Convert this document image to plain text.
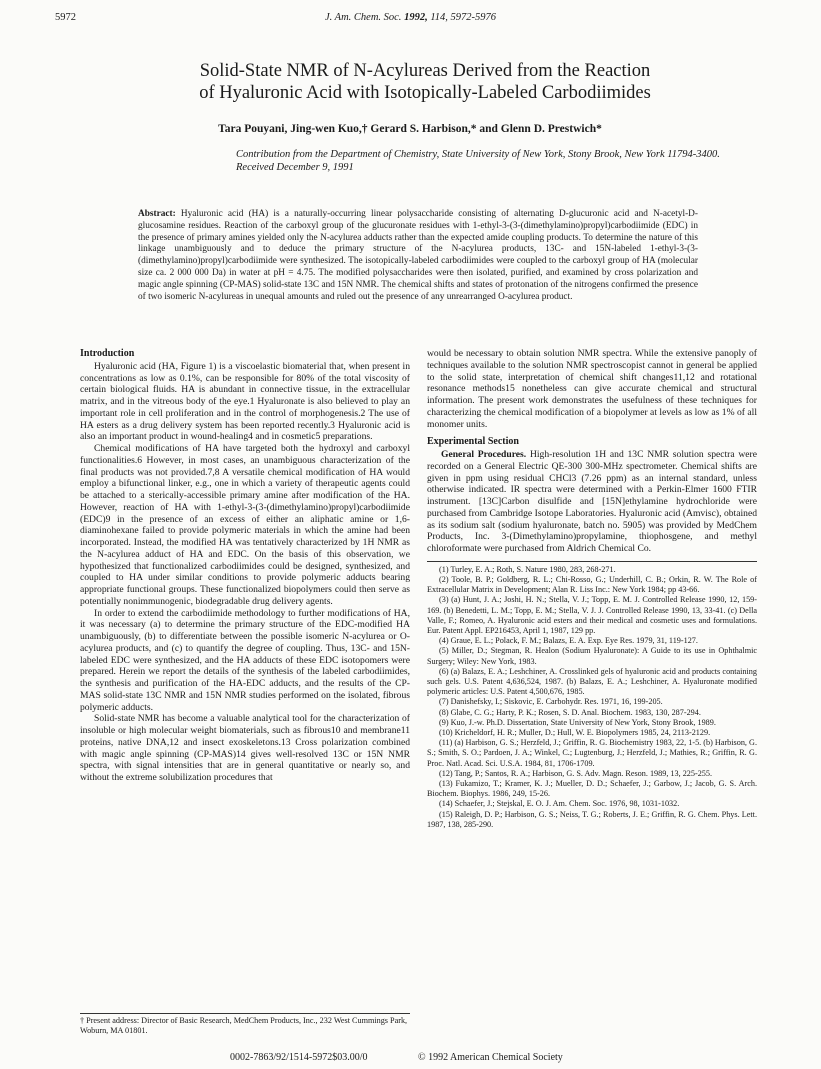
5972	J. Am. Chem. Soc. 1992, 114, 5972-5976
Solid-State NMR of N-Acylureas Derived from the Reaction of Hyaluronic Acid with Isotopically-Labeled Carbodiimides
Tara Pouyani, Jing-wen Kuo,† Gerard S. Harbison,* and Glenn D. Prestwich*
Contribution from the Department of Chemistry, State University of New York, Stony Brook, New York 11794-3400. Received December 9, 1991
Abstract: Hyaluronic acid (HA) is a naturally-occurring linear polysaccharide consisting of alternating D-glucuronic acid and N-acetyl-D-glucosamine residues. Reaction of the carboxyl group of the glucuronate residues with 1-ethyl-3-(3-(dimethylamino)propyl)carbodiimide (EDC) in the presence of primary amines yielded only the N-acylurea adducts rather than the expected amide coupling products. To determine the nature of this linkage unambiguously and to deduce the primary structure of the N-acylurea products, 13C- and 15N-labeled 1-ethyl-3-(3-(dimethylamino)propyl)carbodiimide were synthesized. The isotopically-labeled carbodiimides were coupled to the carboxyl group of HA (molecular size ca. 2 000 000 Da) in water at pH = 4.75. The modified polysaccharides were then isolated, purified, and examined by cross polarization and magic angle spinning (CP-MAS) solid-state 13C and 15N NMR. The chemical shifts and states of protonation of the nitrogens confirmed the presence of two isomeric N-acylureas in unequal amounts and ruled out the presence of any unrearranged O-acylurea product.
Introduction

Hyaluronic acid (HA, Figure 1) is a viscoelastic biomaterial that, when present in concentrations as low as 0.1%, can be responsible for 80% of the total viscosity of certain biological fluids. HA is abundant in connective tissue, in the extracellular matrix, and in the vitreous body of the eye.1 Hyaluronate is also believed to play an important role in cell proliferation and in the control of morphogenesis.2 The use of HA esters as a drug delivery system has been reported recently.3 Hyaluronic acid is also an important product in wound-healing4 and in cosmetic5 preparations.

Chemical modifications of HA have targeted both the hydroxyl and carboxyl functionalities.6 However, in most cases, an unambiguous characterization of the final products was not provided.7,8 A versatile chemical modification of HA would employ a bifunctional linker, e.g., one in which a variety of therapeutic agents could be attached to a sterically-accessible primary amine after modification of the HA. However, reaction of HA with 1-ethyl-3-(3-(dimethylamino)propyl)carbodiimide (EDC)9 in the presence of an excess of either an aliphatic amine or 1,6-diaminohexane failed to provide polymeric materials in which the amine had been incorporated. Instead, the modified HA was tentatively characterized by 1H NMR as the N-acylurea adduct of HA and EDC. On the basis of this observation, we hypothesized that functionalized carbodiimides could be designed, synthesized, and coupled to HA under similar conditions to provide polymeric adducts bearing appropriate functional groups. These functionalized biopolymers could then serve as potentially nonimmunogenic, biodegradable drug delivery agents.

In order to extend the carbodiimide methodology to further modifications of HA, it was necessary (a) to determine the primary structure of the EDC-modified HA unambiguously, (b) to differentiate between the possible isomeric N-acylurea or O-acylurea products, and (c) to quantify the degree of coupling. Thus, 13C- and 15N-labeled EDC were synthesized, and the HA adducts of these EDC isotopomers were prepared. Herein we report the details of the synthesis of the labeled carbodiimides, the synthesis and purification of the HA-EDC adducts, and the results of the CP-MAS solid-state 13C NMR and 15N NMR studies performed on the isolated, fibrous polymeric adducts.

Solid-state NMR has become a valuable analytical tool for the characterization of insoluble or high molecular weight biomaterials, such as fibrous10 and membrane11 proteins, native DNA,12 and insect exoskeletons.13 Cross polarization combined with magic angle spinning (CP-MAS)14 gives well-resolved 13C or 15N NMR spectra, with signal intensities that are in general quantitative or nearly so, and without the extreme solubilization procedures that

† Present address: Director of Basic Research, MedChem Products, Inc., 232 West Cummings Park, Woburn, MA 01801.

would be necessary to obtain solution NMR spectra. While the extensive panoply of techniques available to the solution NMR spectroscopist cannot in general be applied to the solid state, interpretation of chemical shift changes11,12 and rotational resonance methods15 nonetheless can give accurate chemical and structural information. The present work demonstrates the usefulness of these techniques for characterizing the chemical modification of a biopolymer at levels as low as 1% of all monomer units.

Experimental Section

General Procedures. High-resolution 1H and 13C NMR solution spectra were recorded on a General Electric QE-300 300-MHz spectrometer. Chemical shifts are given in ppm using residual CHCl3 (7.26 ppm) as an internal standard, unless otherwise indicated. IR spectra were determined with a Perkin-Elmer 1600 FTIR instrument. [13C]Carbon disulfide and [15N]ethylamine hydrochloride were purchased from Cambridge Isotope Laboratories. Hyaluronic acid (Amvisc), obtained as its sodium salt (sodium hyaluronate, batch no. 5905) was provided by MedChem Products, Inc. 3-(Dimethylamino)propylamine, thiophosgene, and methyl chloroformate were purchased from Aldrich Chemical Co.

(1) Turley, E. A.; Roth, S. Nature 1980, 283, 268-271.

(2) Toole, B. P.; Goldberg, R. L.; Chi-Rosso, G.; Underhill, C. B.; Orkin, R. W. The Role of Extracellular Matrix in Development; Alan R. Liss Inc.: New York 1984; pp 43-66.

(3) (a) Hunt, J. A.; Joshi, H. N.; Stella, V. J.; Topp, E. M. J. Controlled Release 1990, 12, 159-169. (b) Benedetti, L. M.; Topp, E. M.; Stella, V. J. J. Controlled Release 1990, 13, 33-41. (c) Della Valle, F.; Romeo, A. Hyaluronic acid esters and their medical and cosmetic uses and formulations. Eur. Patent Appl. EP216453, April 1, 1987, 129 pp.

(4) Graue, E. L.; Polack, F. M.; Balazs, E. A. Exp. Eye Res. 1979, 31, 119-127.

(5) Miller, D.; Stegman, R. Healon (Sodium Hyaluronate): A Guide to its use in Ophthalmic Surgery; Wiley: New York, 1983.

(6) (a) Balazs, E. A.; Leshchiner, A. Crosslinked gels of hyaluronic acid and products containing such gels. U.S. Patent 4,636,524, 1987. (b) Balazs, E. A.; Leshchiner, A. Hyaluronate modified polymeric articles: U.S. Patent 4,500,676, 1985.

(7) Danishefsky, I.; Siskovic, E. Carbohydr. Res. 1971, 16, 199-205.

(8) Glabe, C. G.; Harty, P. K.; Rosen, S. D. Anal. Biochem. 1983, 130, 287-294.

(9) Kuo, J.-w. Ph.D. Dissertation, State University of New York, Stony Brook, 1989.

(10) Kricheldorf, H. R.; Muller, D.; Hull, W. E. Biopolymers 1985, 24, 2113-2129.

(11) (a) Harbison, G. S.; Herzfeld, J.; Griffin, R. G. Biochemistry 1983, 22, 1-5. (b) Harbison, G. S.; Smith, S. O.; Pardoen, J. A.; Winkel, C.; Lugtenburg, J.; Herzfeld, J.; Mathies, R.; Griffin, R. G. Proc. Natl. Acad. Sci. U.S.A. 1984, 81, 1706-1709.

(12) Tang, P.; Santos, R. A.; Harbison, G. S. Adv. Magn. Reson. 1989, 13, 225-255.

(13) Fukamizo, T.; Kramer, K. J.; Mueller, D. D.; Schaefer, J.; Garbow, J.; Jacob, G. S. Arch. Biochem. Biophys. 1986, 249, 15-26.

(14) Schaefer, J.; Stejskal, E. O. J. Am. Chem. Soc. 1976, 98, 1031-1032.

(15) Raleigh, D. P.; Harbison, G. S.; Neiss, T. G.; Roberts, J. E.; Griffin, R. G. Chem. Phys. Lett. 1987, 138, 285-290.

0002-7863/92/1514-5972$03.00/0	© 1992 American Chemical Society
